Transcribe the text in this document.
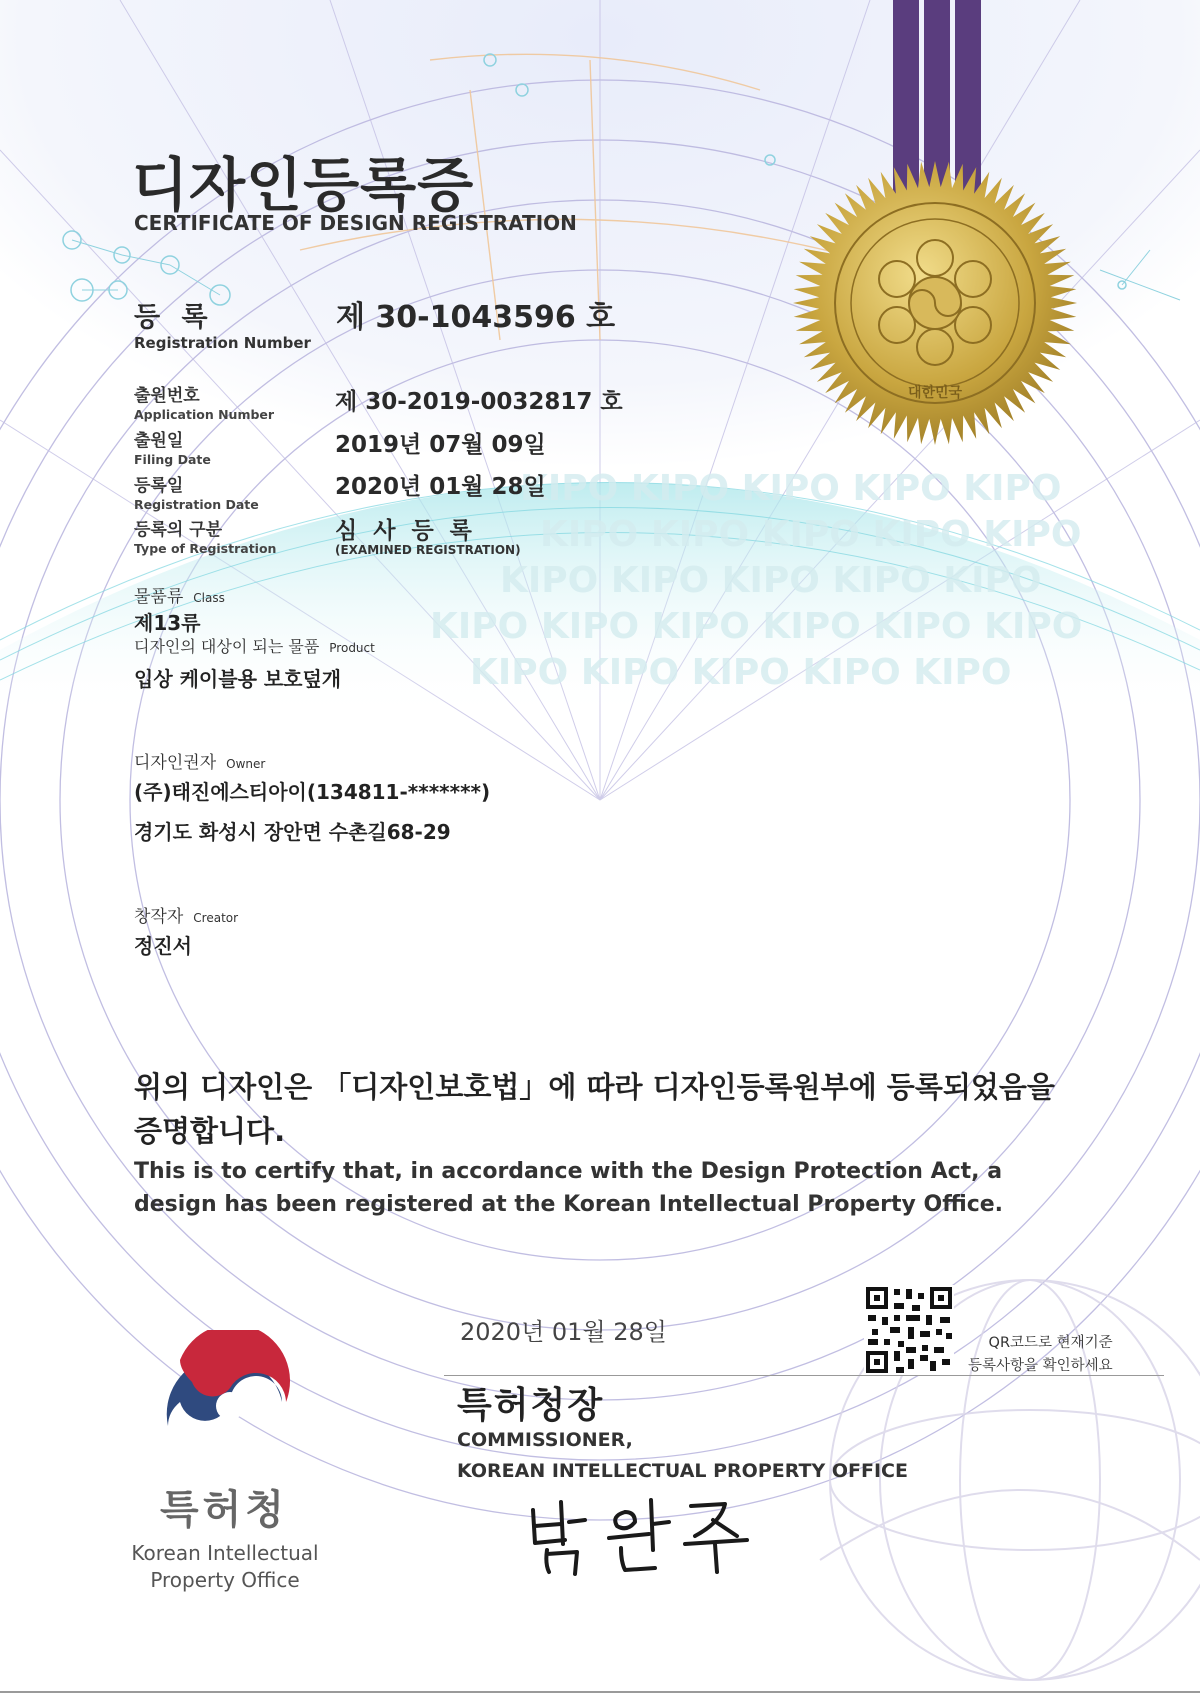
KIPO KIPO KIPO KIPO KIPO
KIPO KIPO KIPO KIPO KIPO
KIPO KIPO KIPO KIPO KIPO
KIPO KIPO KIPO KIPO KIPO KIPO
KIPO KIPO KIPO KIPO KIPO
대한민국
디자인등록증
CERTIFICATE OF DESIGN REGISTRATION
등 록
Registration Number
제 30-1043596 호
출원번호
Application Number	제 30-2019-0032817 호
출원일
Filing Date
2019년 07월 09일
등록일
Registration Date
2020년 01월 28일
등록의 구분
Type of Registration
심 사 등 록
(EXAMINED REGISTRATION)
물품류 Class
제13류
디자인의 대상이 되는 물품 Product
입상 케이블용 보호덮개
디자인권자 Owner
(주)태진에스티아이(134811-*******)
경기도 화성시 장안면 수촌길68-29
창작자 Creator
정진서
위의 디자인은 「디자인보호법」에 따라 디자인등록원부에 등록되었음을 증명합니다.
This is to certify that, in accordance with the Design Protection Act, a design has been registered at the Korean Intellectual Property Office.
2020년 01월 28일	QR코드로 현재기준
등록사항을 확인하세요
특허청장
COMMISSIONER,
KOREAN INTELLECTUAL PROPERTY OFFICE
특허청
Korean Intellectual Property Office
